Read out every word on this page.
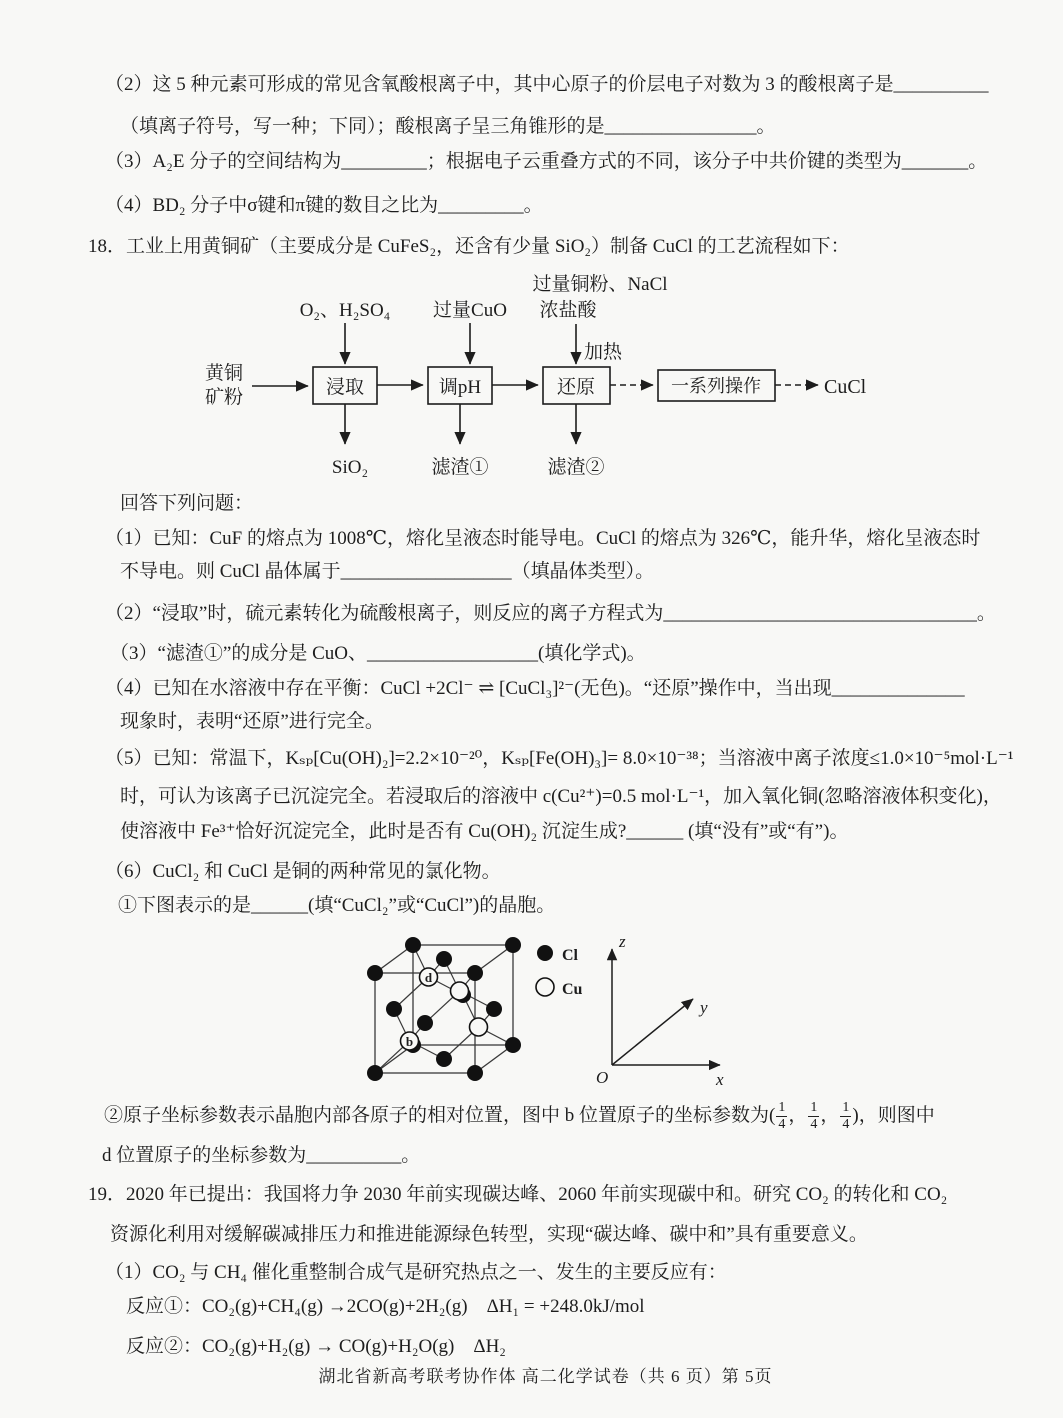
（2）这 5 种元素可形成的常见含氧酸根离子中，其中心原子的价层电子对数为 3 的酸根离子是__________
（填离子符号，写一种；下同）；酸根离子呈三角锥形的是________________。
（3）A₂E 分子的空间结构为_________；根据电子云重叠方式的不同，该分子中共价键的类型为_______。
（4）BD₂ 分子中σ键和π键的数目之比为_________。
18．工业上用黄铜矿（主要成分是 CuFeS₂，还含有少量 SiO₂）制备 CuCl 的工艺流程如下：
O₂、H₂SO₄ 过量CuO
过量铜粉、NaCl
浓盐酸
加热
黄铜
矿粉	浸取	调pH	还原	一系列操作	CuCl
SiO₂	滤渣①	滤渣②
回答下列问题：
（1）已知：CuF 的熔点为 1008℃，熔化呈液态时能导电。CuCl 的熔点为 326℃，能升华，熔化呈液态时
不导电。则 CuCl 晶体属于__________________（填晶体类型）。
（2）“浸取”时，硫元素转化为硫酸根离子，则反应的离子方程式为_________________________________。
（3）“滤渣①”的成分是 CuO、__________________(填化学式)。
（4）已知在水溶液中存在平衡：CuCl +2Cl⁻ ⇌ [CuCl₃]²⁻(无色)。“还原”操作中，当出现______________
现象时，表明“还原”进行完全。
（5）已知：常温下，Kₛₚ[Cu(OH)₂]=2.2×10⁻²⁰，Kₛₚ[Fe(OH)₃]= 8.0×10⁻³⁸；当溶液中离子浓度≤1.0×10⁻⁵mol·L⁻¹
时，可认为该离子已沉淀完全。若浸取后的溶液中 c(Cu²⁺)=0.5 mol·L⁻¹，加入氧化铜(忽略溶液体积变化)，
使溶液中 Fe³⁺恰好沉淀完全，此时是否有 Cu(OH)₂ 沉淀生成?______ (填“没有”或“有”)。
（6）CuCl₂ 和 CuCl 是铜的两种常见的氯化物。
①下图表示的是______(填“CuCl₂”或“CuCl”)的晶胞。
d
b
Cl
Cu
x
z
y
O
②原子坐标参数表示晶胞内部各原子的相对位置，图中 b 位置原子的坐标参数为( $\frac{1}{4}$ ， $\frac{1}{4}$ ， $\frac{1}{4}$ )，则图中
d 位置原子的坐标参数为__________。
19．2020 年已提出：我国将力争 2030 年前实现碳达峰、2060 年前实现碳中和。研究 CO₂ 的转化和 CO₂
资源化利用对缓解碳减排压力和推进能源绿色转型，实现“碳达峰、碳中和”具有重要意义。
（1）CO₂ 与 CH₄ 催化重整制合成气是研究热点之一、发生的主要反应有：
反应①：CO₂(g)+CH₄(g) →2CO(g)+2H₂(g)　ΔH₁ = +248.0kJ/mol
反应②：CO₂(g)+H₂(g) → CO(g)+H₂O(g)　ΔH₂
湖北省新高考联考协作体 高二化学试卷（共 6 页）第 5页
